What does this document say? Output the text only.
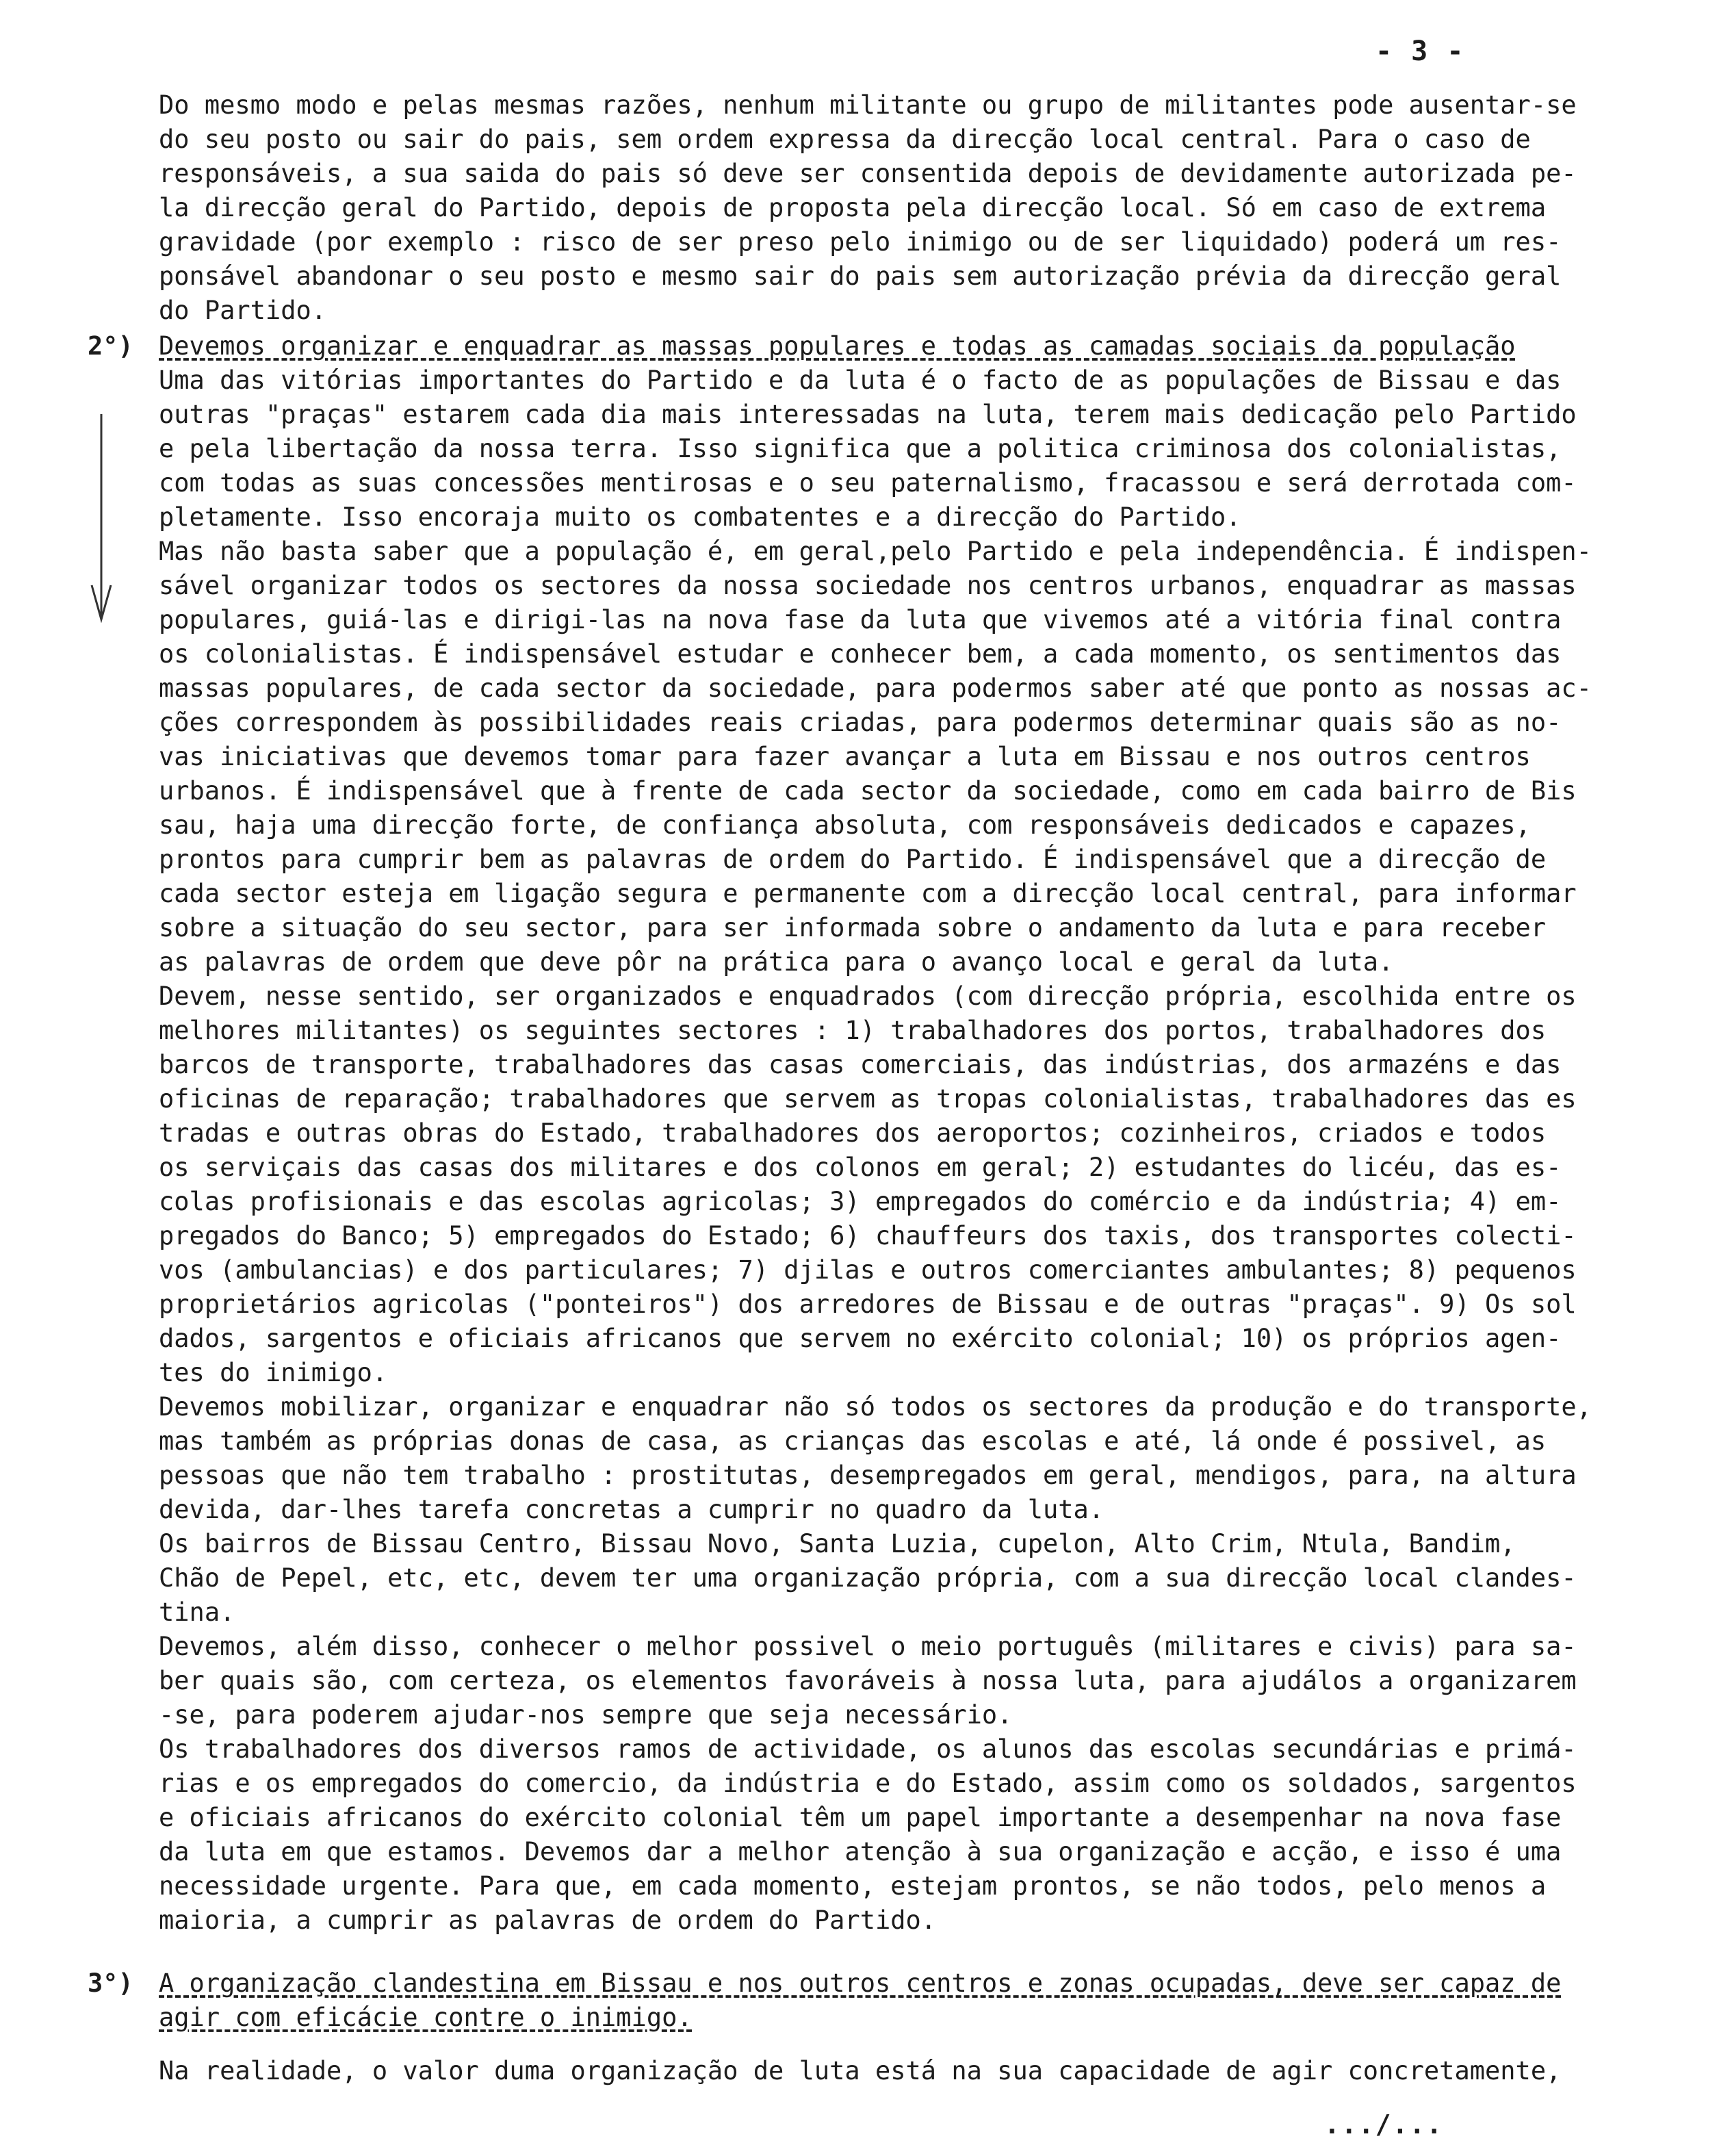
- 3 -
2°)
3°)
Do mesmo modo e pelas mesmas razões, nenhum militante ou grupo de militantes pode ausentar-se
do seu posto ou sair do pais, sem ordem expressa da direcção local central. Para o caso de
responsáveis, a sua saida do pais só deve ser consentida depois de devidamente autorizada pe-
la direcção geral do Partido, depois de proposta pela direcção local. Só em caso de extrema
gravidade (por exemplo : risco de ser preso pelo inimigo ou de ser liquidado) poderá um res-
ponsável abandonar o seu posto e mesmo sair do pais sem autorização prévia da direcção geral
do Partido.
Devemos organizar e enquadrar as massas populares e todas as camadas sociais da população
Uma das vitórias importantes do Partido e da luta é o facto de as populações de Bissau e das
outras "praças" estarem cada dia mais interessadas na luta, terem mais dedicação pelo Partido
e pela libertação da nossa terra. Isso significa que a politica criminosa dos colonialistas,
com todas as suas concessões mentirosas e o seu paternalismo, fracassou e será derrotada com-
pletamente. Isso encoraja muito os combatentes e a direcção do Partido.
Mas não basta saber que a população é, em geral,pelo Partido e pela independência. É indispen-
sável organizar todos os sectores da nossa sociedade nos centros urbanos, enquadrar as massas
populares, guiá-las e dirigi-las na nova fase da luta que vivemos até a vitória final contra
os colonialistas. É indispensável estudar e conhecer bem, a cada momento, os sentimentos das
massas populares, de cada sector da sociedade, para podermos saber até que ponto as nossas ac-
ções correspondem às possibilidades reais criadas, para podermos determinar quais são as no-
vas iniciativas que devemos tomar para fazer avançar a luta em Bissau e nos outros centros
urbanos. É indispensável que à frente de cada sector da sociedade, como em cada bairro de Bis
sau, haja uma direcção forte, de confiança absoluta, com responsáveis dedicados e capazes,
prontos para cumprir bem as palavras de ordem do Partido. É indispensável que a direcção de
cada sector esteja em ligação segura e permanente com a direcção local central, para informar
sobre a situação do seu sector, para ser informada sobre o andamento da luta e para receber
as palavras de ordem que deve pôr na prática para o avanço local e geral da luta.
Devem, nesse sentido, ser organizados e enquadrados (com direcção própria, escolhida entre os
melhores militantes) os seguintes sectores : 1) trabalhadores dos portos, trabalhadores dos
barcos de transporte, trabalhadores das casas comerciais, das indústrias, dos armazéns e das
oficinas de reparação; trabalhadores que servem as tropas colonialistas, trabalhadores das es
tradas e outras obras do Estado, trabalhadores dos aeroportos; cozinheiros, criados e todos
os serviçais das casas dos militares e dos colonos em geral; 2) estudantes do licéu, das es-
colas profisionais e das escolas agricolas; 3) empregados do comércio e da indústria; 4) em-
pregados do Banco; 5) empregados do Estado; 6) chauffeurs dos taxis, dos transportes colecti-
vos (ambulancias) e dos particulares; 7) djilas e outros comerciantes ambulantes; 8) pequenos
proprietários agricolas ("ponteiros") dos arredores de Bissau e de outras "praças". 9) Os sol
dados, sargentos e oficiais africanos que servem no exército colonial; 10) os próprios agen-
tes do inimigo.
Devemos mobilizar, organizar e enquadrar não só todos os sectores da produção e do transporte,
mas também as próprias donas de casa, as crianças das escolas e até, lá onde é possivel, as
pessoas que não tem trabalho : prostitutas, desempregados em geral, mendigos, para, na altura
devida, dar-lhes tarefa concretas a cumprir no quadro da luta.
Os bairros de Bissau Centro, Bissau Novo, Santa Luzia, cupelon, Alto Crim, Ntula, Bandim,
Chão de Pepel, etc, etc, devem ter uma organização própria, com a sua direcção local clandes-
tina.
Devemos, além disso, conhecer o melhor possivel o meio português (militares e civis) para sa-
ber quais são, com certeza, os elementos favoráveis à nossa luta, para ajudálos a organizarem
-se, para poderem ajudar-nos sempre que seja necessário.
Os trabalhadores dos diversos ramos de actividade, os alunos das escolas secundárias e primá-
rias e os empregados do comercio, da indústria e do Estado, assim como os soldados, sargentos
e oficiais africanos do exército colonial têm um papel importante a desempenhar na nova fase
da luta em que estamos. Devemos dar a melhor atenção à sua organização e acção, e isso é uma
necessidade urgente. Para que, em cada momento, estejam prontos, se não todos, pelo menos a
maioria, a cumprir as palavras de ordem do Partido.
A organização clandestina em Bissau e nos outros centros e zonas ocupadas, deve ser capaz de
agir com eficácie contre o inimigo.
Na realidade, o valor duma organização de luta está na sua capacidade de agir concretamente,
.../...
